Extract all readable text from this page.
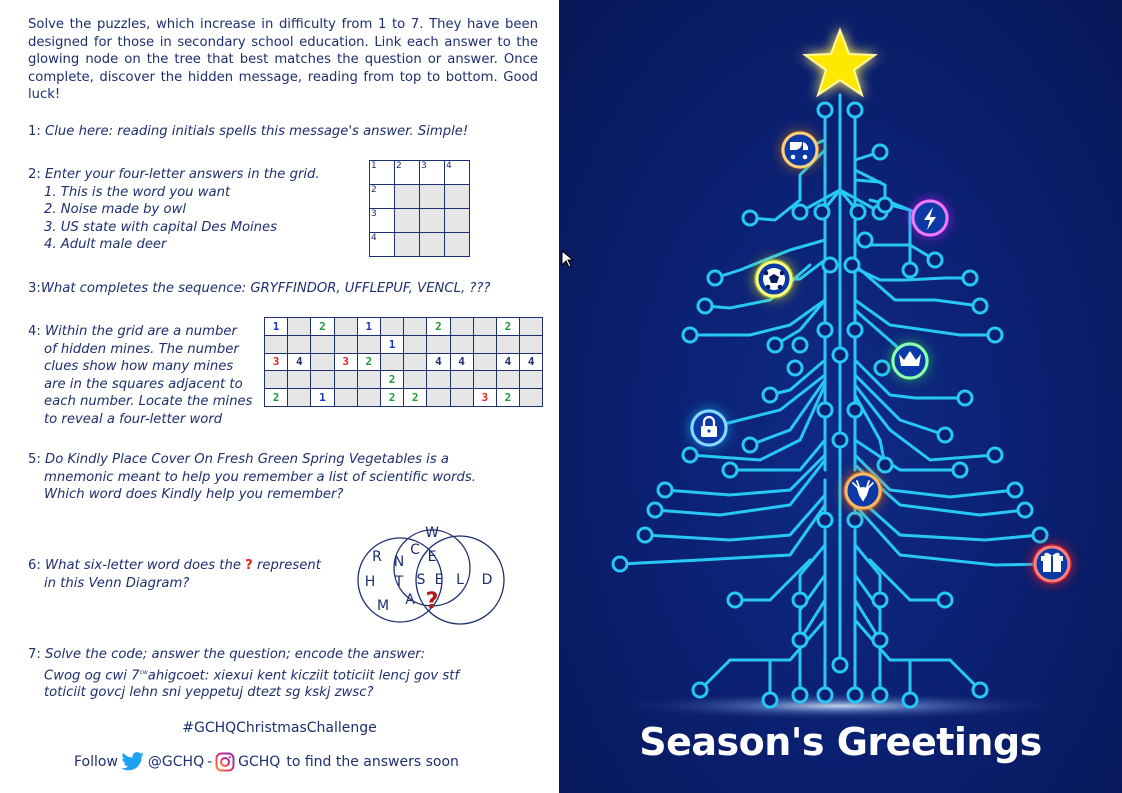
Solve the puzzles, which increase in difficulty from 1 to 7. They have been designed for those in secondary school education. Link each answer to the glowing node on the tree that best matches the question or answer. Once complete, discover the hidden message, reading from top to bottom. Good luck!

1: Clue here: reading initials spells this message's answer. Simple!
2: Enter your four-letter answers in the grid.
1. This is the word you want
2. Noise made by owl
3. US state with capital Des Moines
4. Adult male deer
1	2	3	4
2			
3			
4			
3:What completes the sequence: GRYFFINDOR, UFFLEPUF, VENCL, ???
4: Within the grid are a number
of hidden mines. The number
clues show how many mines
are in the squares adjacent to
each number. Locate the mines
to reveal a four-letter word
1		2		1			2			2	
					1						
3	4		3	2			4	4		4	4
					2						
2		1			2	2			3	2	
5: Do Kindly Place Cover On Fresh Green Spring Vegetables is a
mnemonic meant to help you remember a list of scientific words.
Which word does Kindly help you remember?
6: What six-letter word does the ? represent
in this Venn Diagram?
W
R C
N E
H T S E L D
A
M ?
7: Solve the code; answer the question; encode the answer:
Cwog og cwi $7^{cw}ahigcoet$: xiexui kent kicziit toticiit lencj gov stf
toticiit govcj lehn sni yeppetuj dtezt sg kskj zwsc?
#GCHQChristmasChallenge
Follow @GCHQ - GCHQ to find the answers soon	Season's Greetings
